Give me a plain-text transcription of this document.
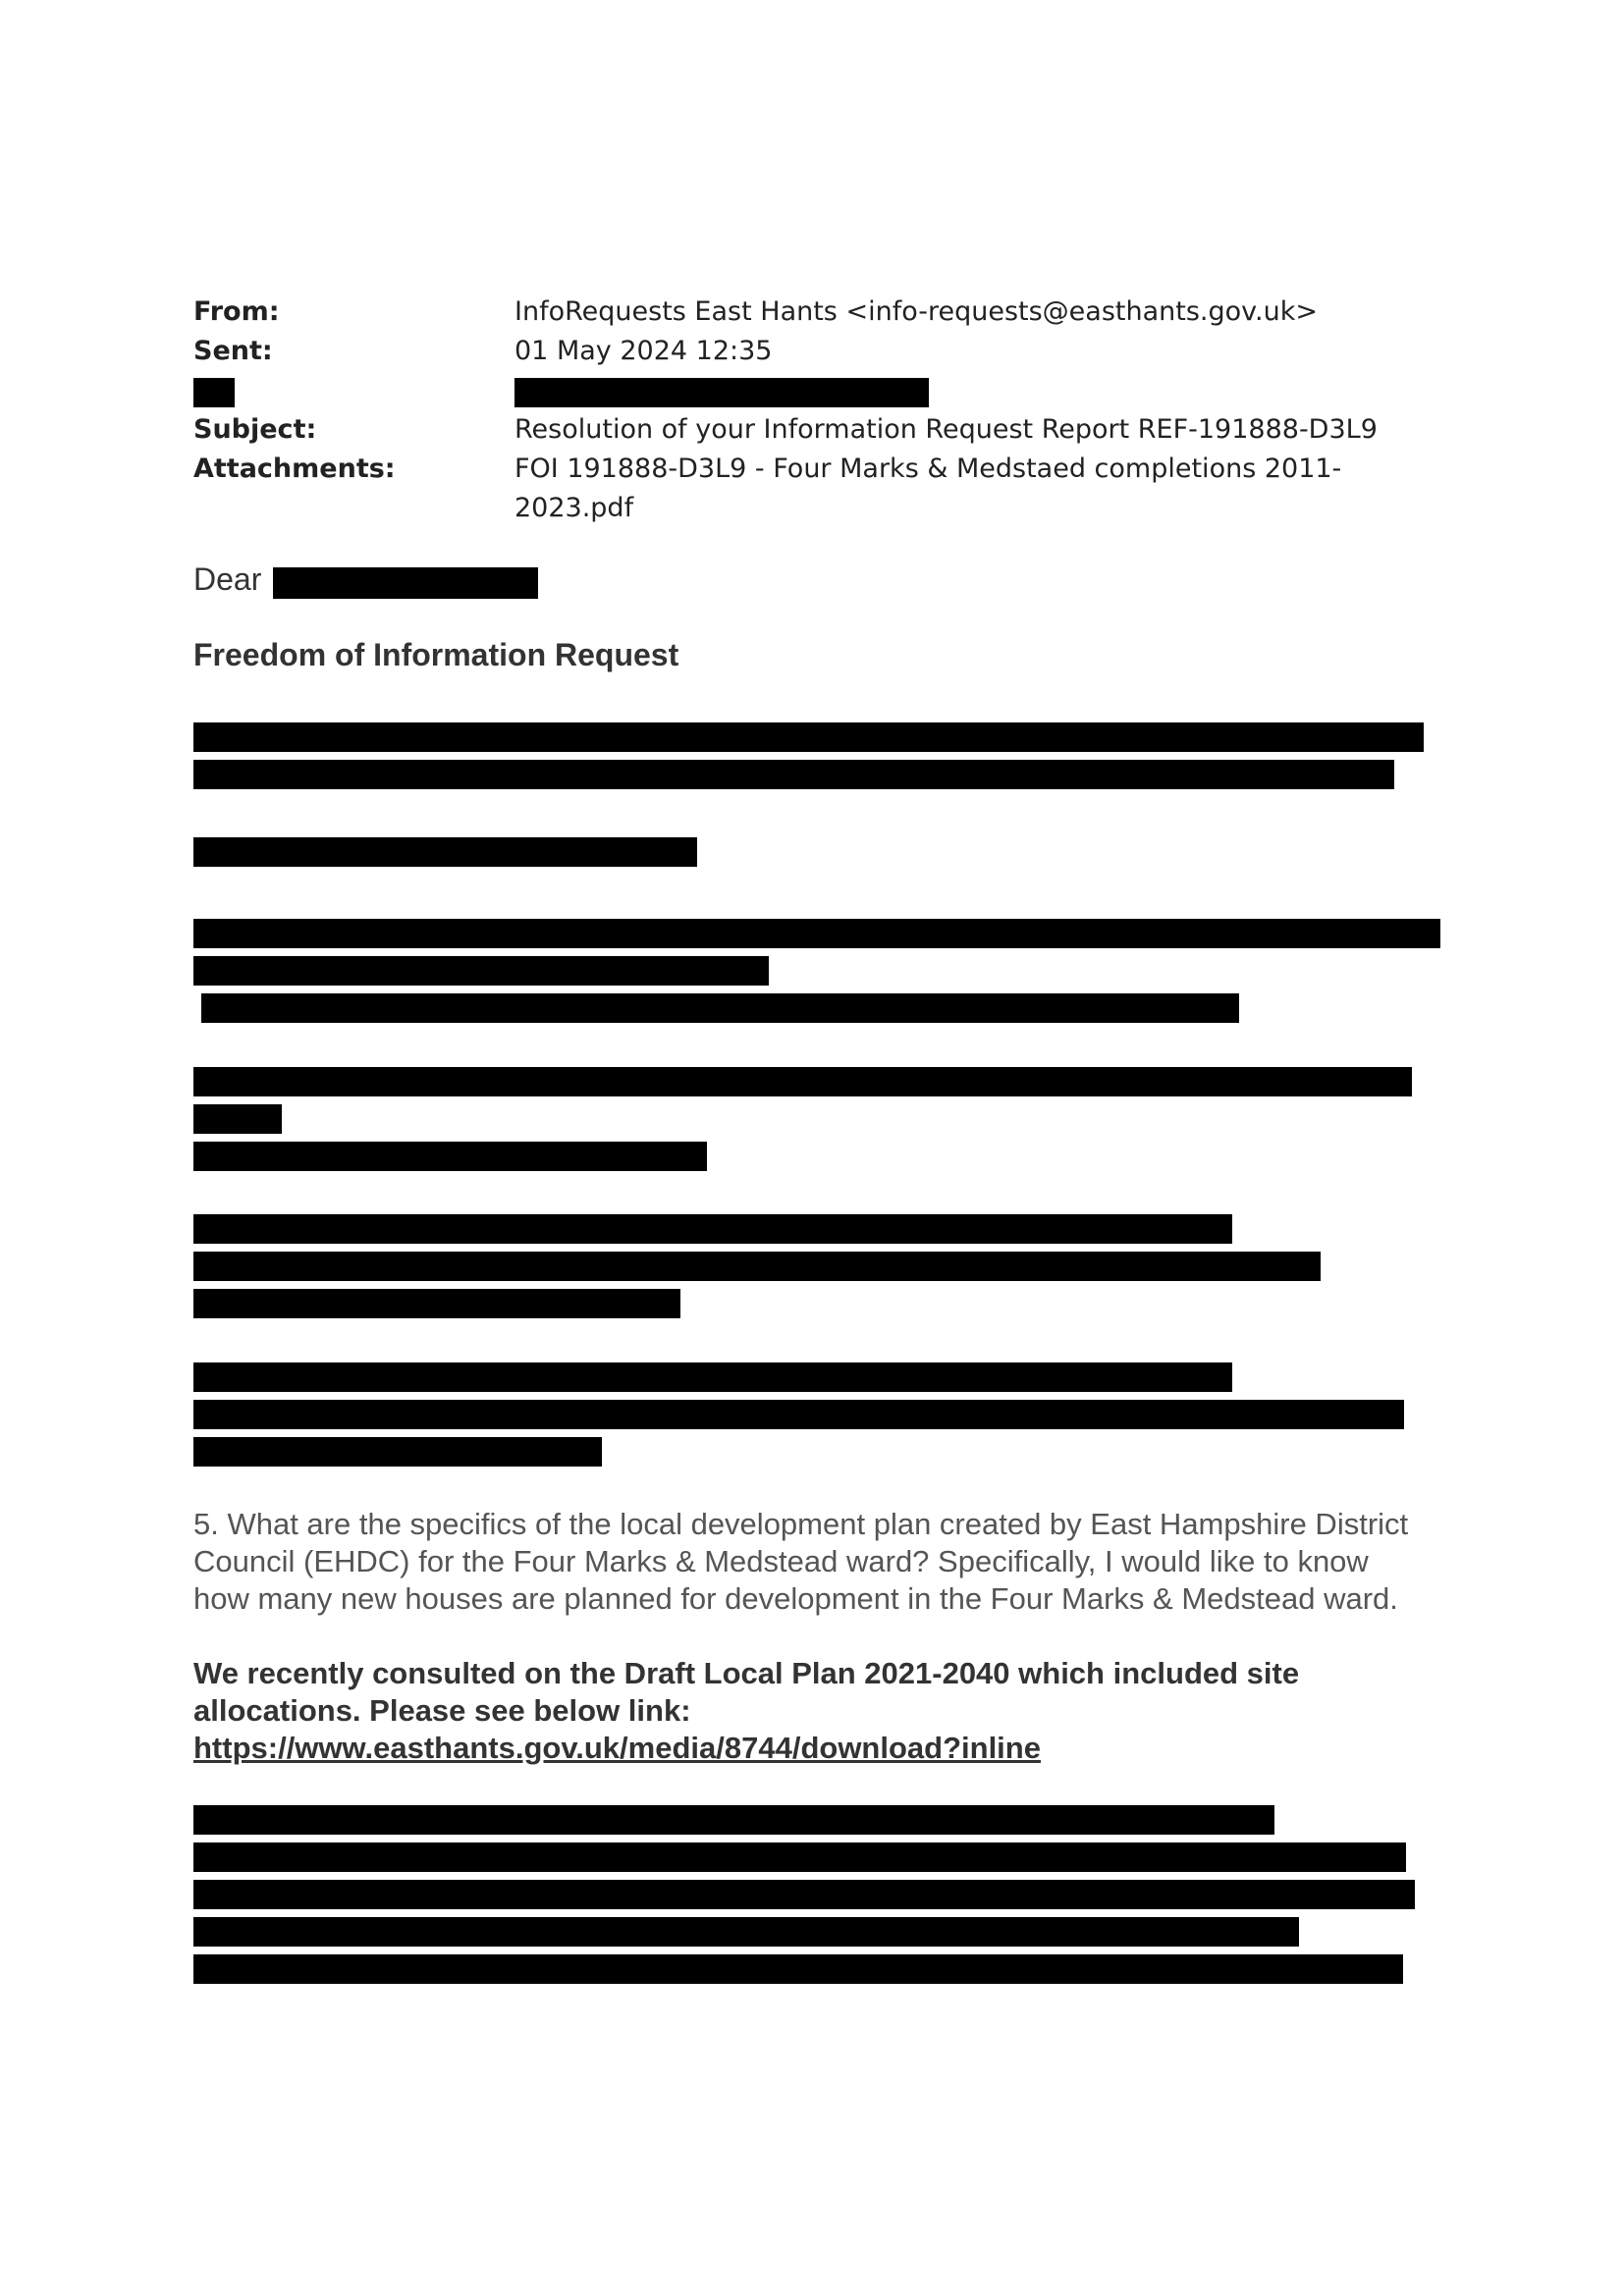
From:	InfoRequests East Hants <info-requests@easthants.gov.uk>
Sent:	01 May 2024 12:35
Subject:	Resolution of your Information Request Report REF-191888-D3L9
Attachments:	FOI 191888-D3L9 - Four Marks & Medstaed completions 2011-
2023.pdf
Dear
Freedom of Information Request
5. What are the specifics of the local development plan created by East Hampshire District Council (EHDC) for the Four Marks & Medstead ward? Specifically, I would like to know how many new houses are planned for development in the Four Marks & Medstead ward.
We recently consulted on the Draft Local Plan 2021-2040 which included site allocations. Please see below link:
https://www.easthants.gov.uk/media/8744/download?inline
